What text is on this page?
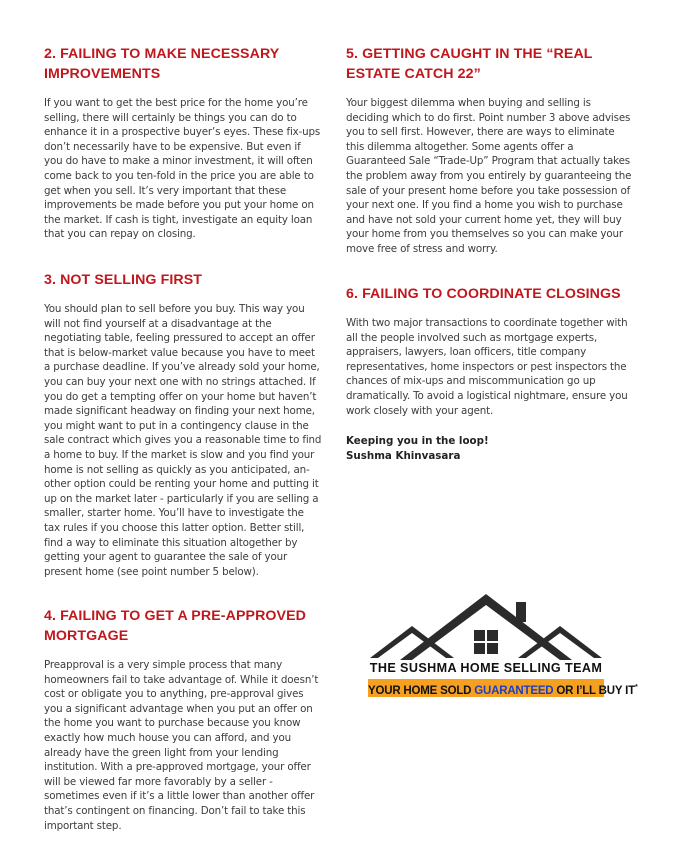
2. FAILING TO MAKE NECESSARY IMPROVEMENTS

If you want to get the best price for the home you’re selling, there will certainly be things you can do to enhance it in a prospective buyer’s eyes. These fix-ups don’t necessarily have to be expensive. But even if you do have to make a minor investment, it will often come back to you ten-fold in the price you are able to get when you sell. It’s very important that these improvements be made before you put your home on the market. If cash is tight, investigate an equity loan that you can repay on closing.

3. NOT SELLING FIRST

You should plan to sell before you buy. This way you will not find yourself at a disadvantage at the negotiating table, feeling pressured to accept an offer that is below-market value because you have to meet a purchase deadline. If you’ve already sold your home, you can buy your next one with no strings attached. If you do get a tempting offer on your home but haven’t made significant headway on finding your next home, you might want to put in a contingency clause in the sale contract which gives you a reasonable time to find a home to buy. If the market is slow and you find your home is not selling as quickly as you anticipated, an-other option could be renting your home and putting it up on the market later - particularly if you are selling a smaller, starter home. You’ll have to investigate the tax rules if you choose this latter option. Better still, find a way to eliminate this situation altogether by getting your agent to guarantee the sale of your present home (see point number 5 below).

4. FAILING TO GET A PRE-APPROVED MORTGAGE

Preapproval is a very simple process that many homeowners fail to take advantage of. While it doesn’t cost or obligate you to anything, pre-approval gives you a significant advantage when you put an offer on the home you want to purchase because you know exactly how much house you can afford, and you already have the green light from your lending institution. With a pre-approved mortgage, your offer will be viewed far more favorably by a seller - sometimes even if it’s a little lower than another offer that’s contingent on financing. Don’t fail to take this important step.

5. GETTING CAUGHT IN THE “REAL ESTATE CATCH 22”

Your biggest dilemma when buying and selling is deciding which to do first. Point number 3 above advises you to sell first. However, there are ways to eliminate this dilemma altogether. Some agents offer a Guaranteed Sale “Trade-Up” Program that actually takes the problem away from you entirely by guaranteeing the sale of your present home before you take possession of your next one. If you find a home you wish to purchase and have not sold your current home yet, they will buy your home from you themselves so you can make your move free of stress and worry.

6. FAILING TO COORDINATE CLOSINGS

With two major transactions to coordinate together with all the people involved such as mortgage experts, appraisers, lawyers, loan officers, title company representatives, home inspectors or pest inspectors the chances of mix-ups and miscommunication go up dramatically. To avoid a logistical nightmare, ensure you work closely with your agent.

Keeping you in the loop!
Sushma Khinvasara
THE SUSHMA HOME SELLING TEAM
YOUR HOME SOLD GUARANTEED OR I’LL BUY IT*
